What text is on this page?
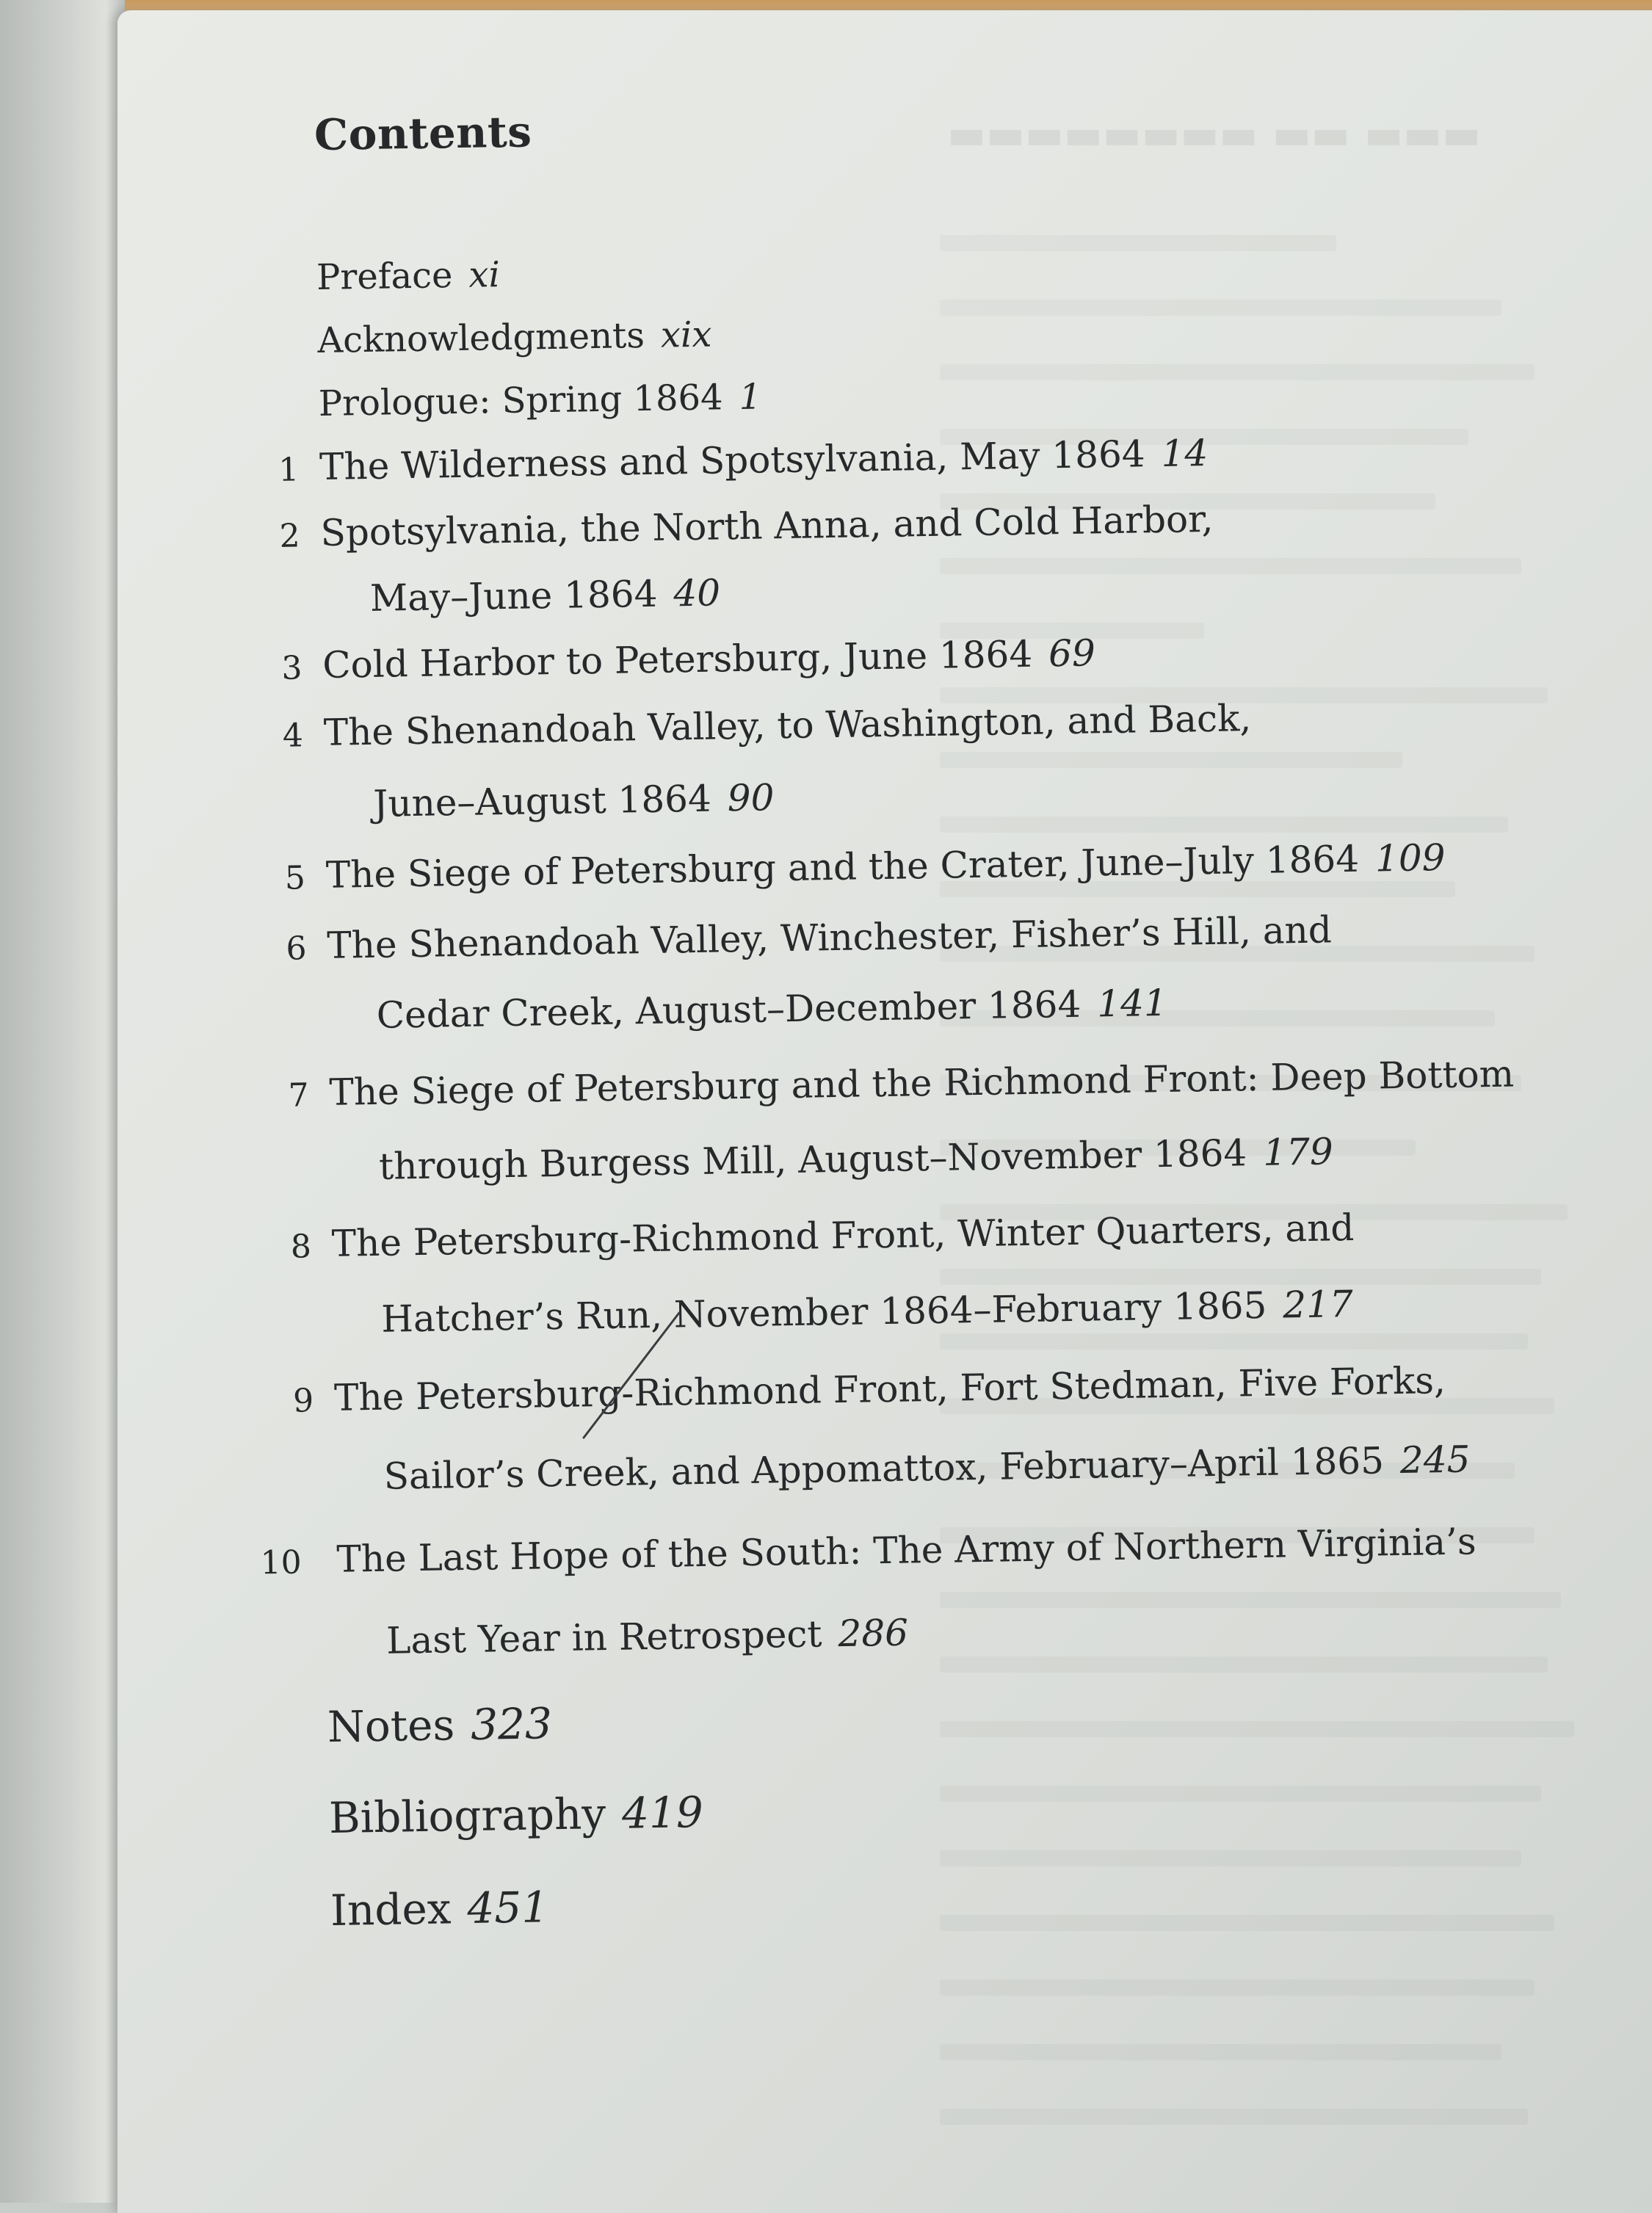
▬▬▬ ▬▬ ▬▬▬▬▬▬▬▬
Contents
Preface xi
Acknowledgments xix
Prologue: Spring 1864 1
1 The Wilderness and Spotsylvania, May 1864 14
2 Spotsylvania, the North Anna, and Cold Harbor,
May–June 1864 40
3 Cold Harbor to Petersburg, June 1864 69
4 The Shenandoah Valley, to Washington, and Back,
June–August 1864 90
5 The Siege of Petersburg and the Crater, June–July 1864 109
6 The Shenandoah Valley, Winchester, Fisher’s Hill, and
Cedar Creek, August–December 1864 141
7 The Siege of Petersburg and the Richmond Front: Deep Bottom
through Burgess Mill, August–November 1864 179
8 The Petersburg-Richmond Front, Winter Quarters, and
Hatcher’s Run, November 1864–February 1865 217
9 The Petersburg-Richmond Front, Fort Stedman, Five Forks,
Sailor’s Creek, and Appomattox, February–April 1865 245
10 The Last Hope of the South: The Army of Northern Virginia’s
Last Year in Retrospect 286
Notes 323
Bibliography 419
Index 451
